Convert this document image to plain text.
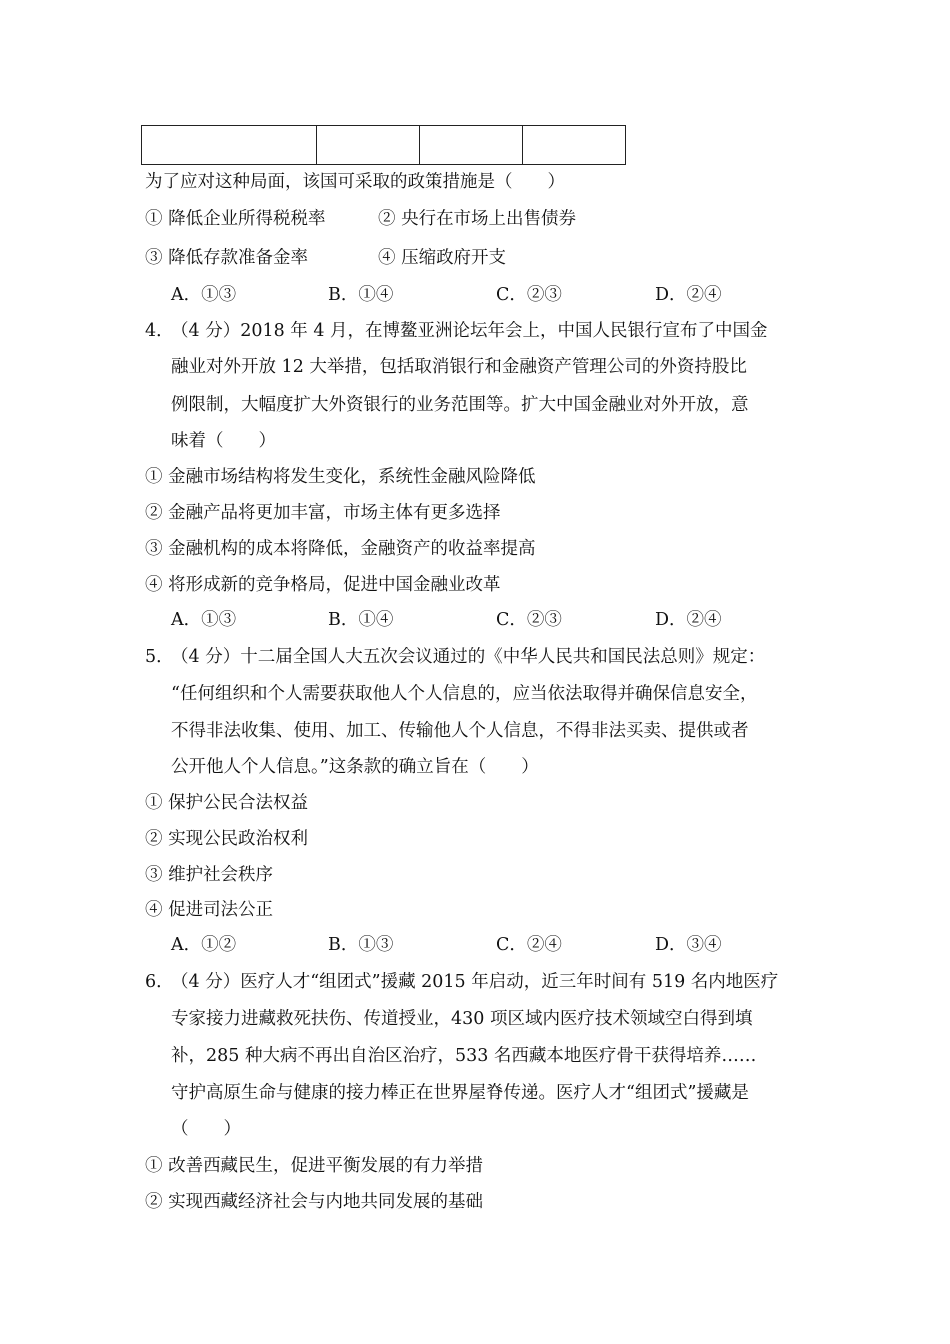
为了应对这种局面，该国可采取的政策措施是（　　）
① 降低企业所得税税率	② 央行在市场上出售债券
③ 降低存款准备金率	④ 压缩政府开支
A．①③	B．①④	C．②③	D．②④
4．
（4 分）2018 年 4 月，在博鳌亚洲论坛年会上，中国人民银行宣布了中国金
融业对外开放 12 大举措，包括取消银行和金融资产管理公司的外资持股比
例限制，大幅度扩大外资银行的业务范围等。扩大中国金融业对外开放，意
味着（　　）
① 金融市场结构将发生变化，系统性金融风险降低
② 金融产品将更加丰富，市场主体有更多选择
③ 金融机构的成本将降低，金融资产的收益率提高
④ 将形成新的竞争格局，促进中国金融业改革
A．①③	B．①④	C．②③	D．②④
5．
（4 分）十二届全国人大五次会议通过的《中华人民共和国民法总则》规定：
“任何组织和个人需要获取他人个人信息的，应当依法取得并确保信息安全，
不得非法收集、使用、加工、传输他人个人信息，不得非法买卖、提供或者
公开他人个人信息。”这条款的确立旨在（　　）
① 保护公民合法权益
② 实现公民政治权利
③ 维护社会秩序
④ 促进司法公正
A．①②	B．①③	C．②④	D．③④
6．
（4 分）医疗人才“组团式”援藏 2015 年启动，近三年时间有 519 名内地医疗
专家接力进藏救死扶伤、传道授业，430 项区域内医疗技术领域空白得到填
补，285 种大病不再出自治区治疗，533 名西藏本地医疗骨干获得培养……
守护高原生命与健康的接力棒正在世界屋脊传递。医疗人才“组团式”援藏是
（　　）
① 改善西藏民生，促进平衡发展的有力举措
② 实现西藏经济社会与内地共同发展的基础
